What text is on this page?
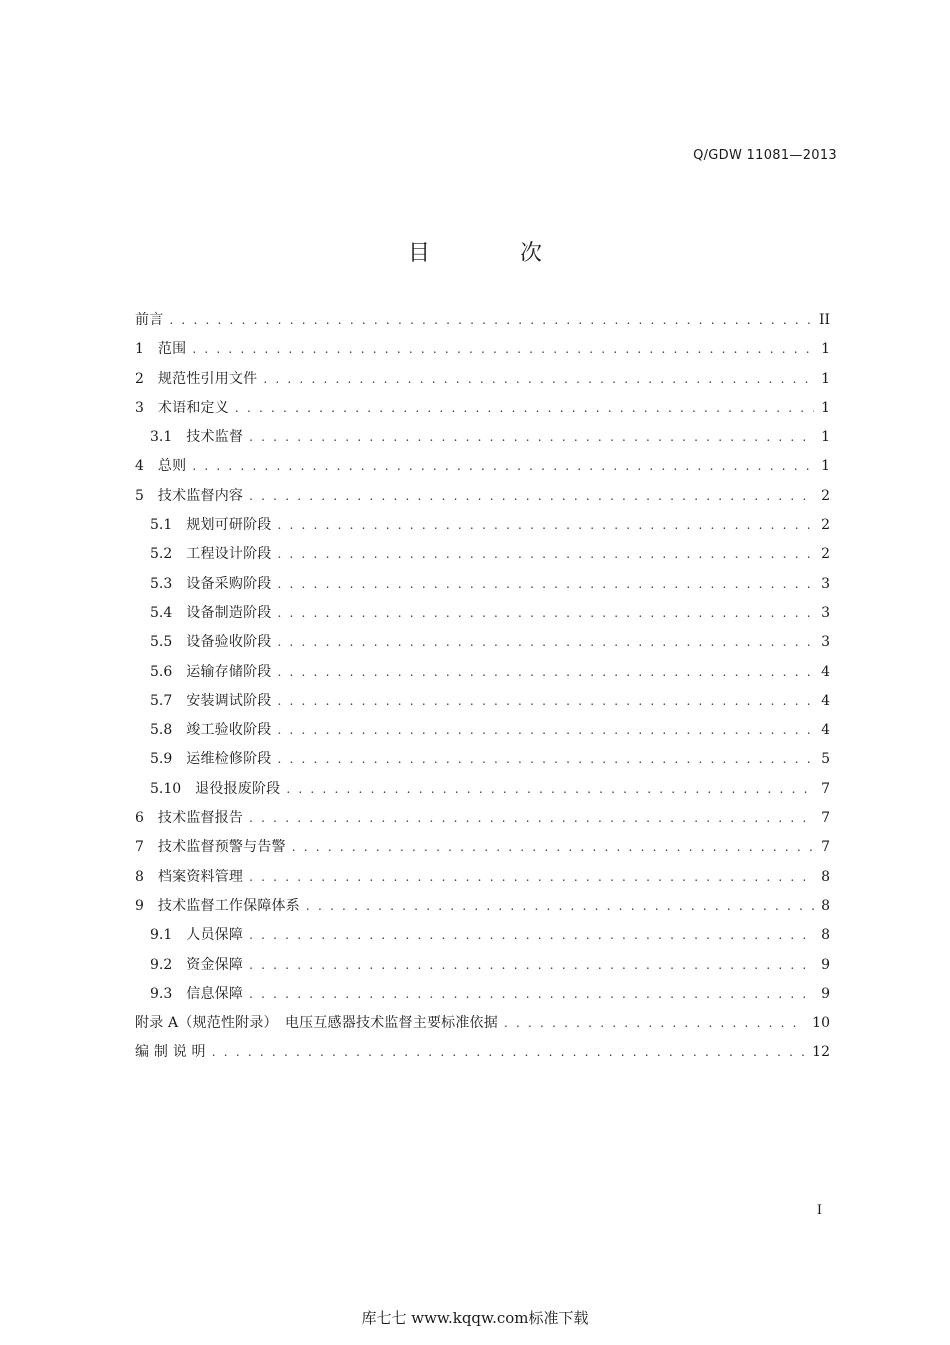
Q/GDW 11081—2013
目	次
前言 . . .	II
1 范围 . . .	1
2 规范性引用文件 . . .	1
3 术语和定义 . . .	1
3.1 技术监督 . . .	1
4 总则 . . .	1
5 技术监督内容 . . .	2
5.1 规划可研阶段 . . .	2
5.2 工程设计阶段 . . .	2
5.3 设备采购阶段 . . .	3
5.4 设备制造阶段 . . .	3
5.5 设备验收阶段 . . .	3
5.6 运输存储阶段 . . .	4
5.7 安装调试阶段 . . .	4
5.8 竣工验收阶段 . . .	4
5.9 运维检修阶段 . . .	5
5.10 退役报废阶段 . . .	7
6 技术监督报告 . . .	7
7 技术监督预警与告警 . . .	7
8 档案资料管理 . . .	8
9 技术监督工作保障体系 . . .	8
9.1 人员保障 . . .	8
9.2 资金保障 . . .	9
9.3 信息保障 . . .	9
附录 A（规范性附录）　电压互感器技术监督主要标准依据 . . .	10
编 制 说 明 . . .	12
I
库七七 www.kqqw.com标准下载
